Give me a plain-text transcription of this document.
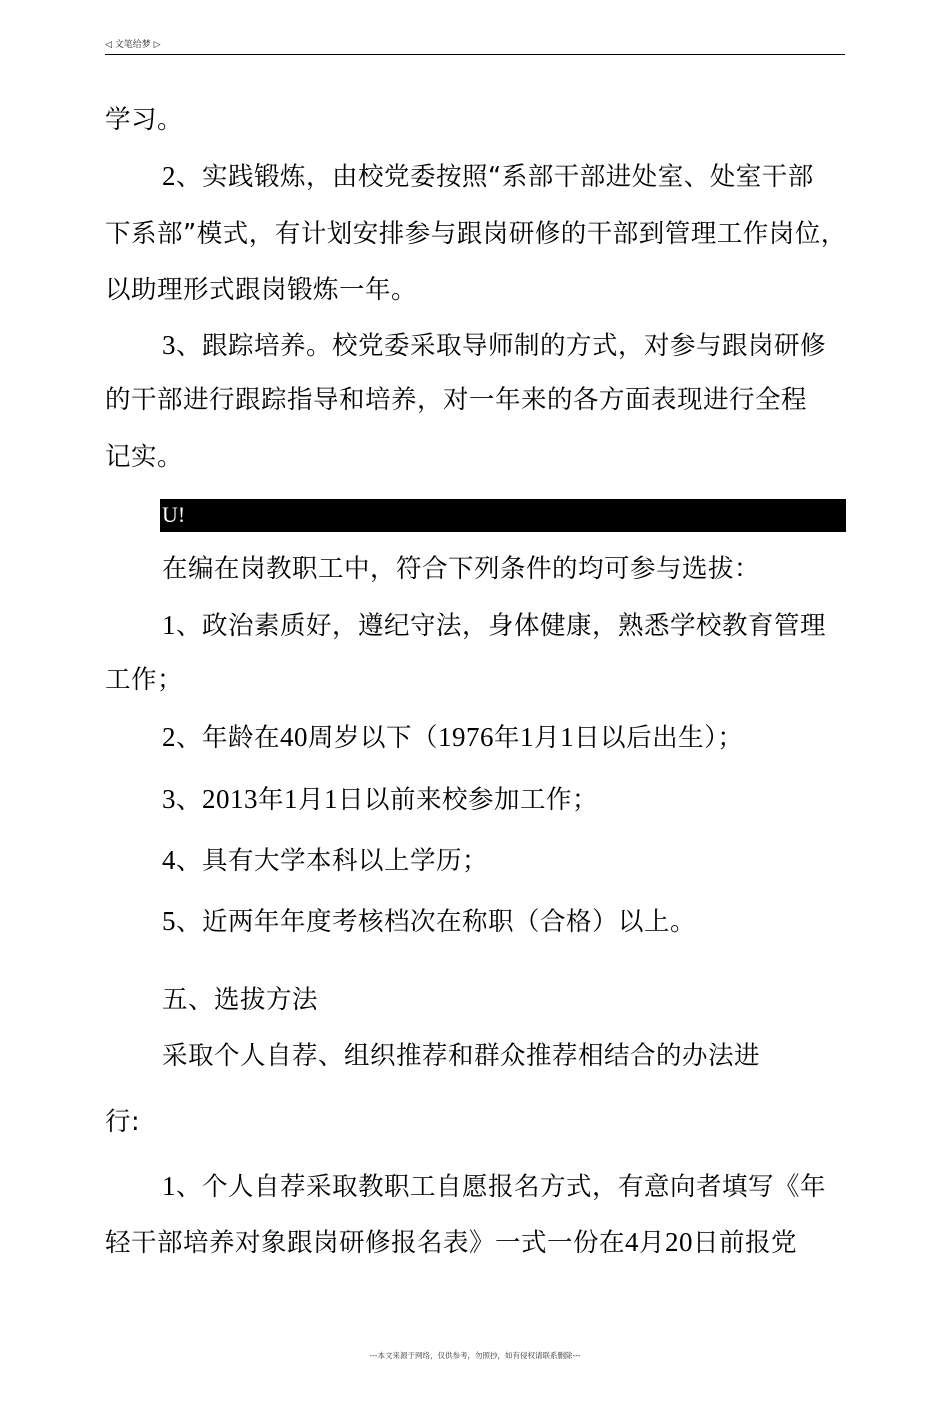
◁ 文笔给梦 ▷
学习。
2、实践锻炼，由校党委按照“系部干部进处室、处室干部
下系部”模式，有计划安排参与跟岗研修的干部到管理工作岗位，
以助理形式跟岗锻炼一年。
3、跟踪培养。校党委采取导师制的方式，对参与跟岗研修
的干部进行跟踪指导和培养，对一年来的各方面表现进行全程
记实。
U!
在编在岗教职工中，符合下列条件的均可参与选拔：
1、政治素质好，遵纪守法，身体健康，熟悉学校教育管理
工作；
2、年龄在40周岁以下（1976年1月1日以后出生）；
3、2013年1月1日以前来校参加工作；
4、具有大学本科以上学历；
5、近两年年度考核档次在称职（合格）以上。
五、选拔方法
采取个人自荐、组织推荐和群众推荐相结合的办法进
行:
1、个人自荐采取教职工自愿报名方式，有意向者填写《年
轻干部培养对象跟岗研修报名表》一式一份在4月20日前报党
---本文来源于网络，仅供参考，勿照抄，如有侵权请联系删除---
